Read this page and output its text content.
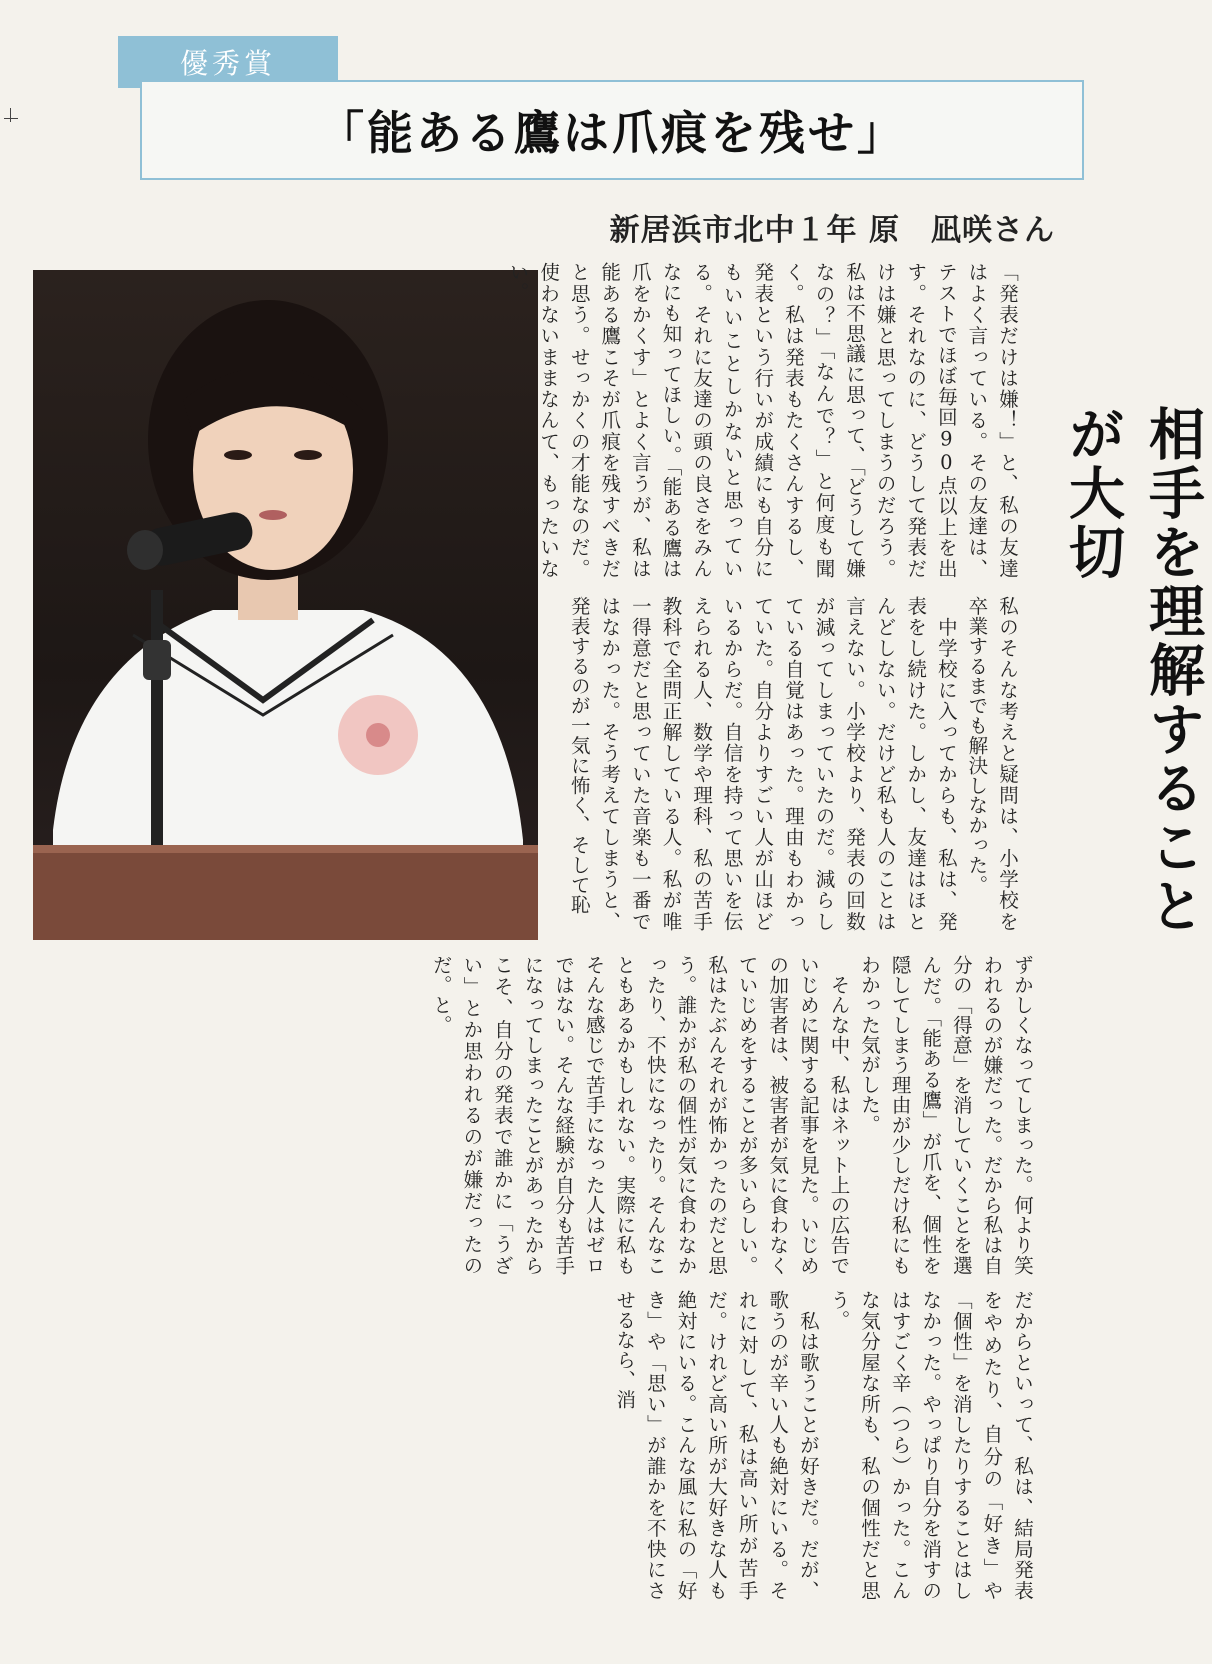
優秀賞
「能ある鷹は爪痕を残せ」
新居浜市北中１年 原　凪咲さん
相手を理解することが大切
「発表だけは嫌！」と、私の友達はよく言っている。その友達は、テストでほぼ毎回90点以上を出す。それなのに、どうして発表だけは嫌と思ってしまうのだろう。私は不思議に思って、「どうして嫌なの？」「なんで？」と何度も聞く。私は発表もたくさんするし、発表という行いが成績にも自分にもいいことしかないと思っている。それに友達の頭の良さをみんなにも知ってほしい。「能ある鷹は爪をかくす」とよく言うが、私は能ある鷹こそが爪痕を残すべきだと思う。せっかくの才能なのだ。使わないままなんて、もったいない。
私のそんな考えと疑問は、小学校を卒業するまでも解決しなかった。
　中学校に入ってからも、私は、発表をし続けた。しかし、友達はほとんどしない。だけど私も人のことは言えない。小学校より、発表の回数が減ってしまっていたのだ。減らしている自覚はあった。理由もわかっていた。自分よりすごい人が山ほどいるからだ。自信を持って思いを伝えられる人、数学や理科、私の苦手教科で全問正解している人。私が唯一得意だと思っていた音楽も一番ではなかった。そう考えてしまうと、発表するのが一気に怖く、そして恥
ずかしくなってしまった。何より笑われるのが嫌だった。だから私は自分の「得意」を消していくことを選んだ。「能ある鷹」が爪を、個性を隠してしまう理由が少しだけ私にもわかった気がした。
　そんな中、私はネット上の広告でいじめに関する記事を見た。いじめの加害者は、被害者が気に食わなくていじめをすることが多いらしい。私はたぶんそれが怖かったのだと思う。誰かが私の個性が気に食わなかったり、不快になったり。そんなこともあるかもしれない。実際に私もそんな感じで苦手になった人はゼロではない。そんな経験が自分も苦手になってしまったことがあったからこそ、自分の発表で誰かに「うざい」とか思われるのが嫌だったのだ。と。
だからといって、私は、結局発表をやめたり、自分の「好き」や「個性」を消したりすることはしなかった。やっぱり自分を消すのはすごく辛（つら）かった。こんな気分屋な所も、私の個性だと思う。
　私は歌うことが好きだ。だが、歌うのが辛い人も絶対にいる。それに対して、私は高い所が苦手だ。けれど高い所が大好きな人も絶対にいる。こんな風に私の「好き」や「思い」が誰かを不快にさせるなら、消
